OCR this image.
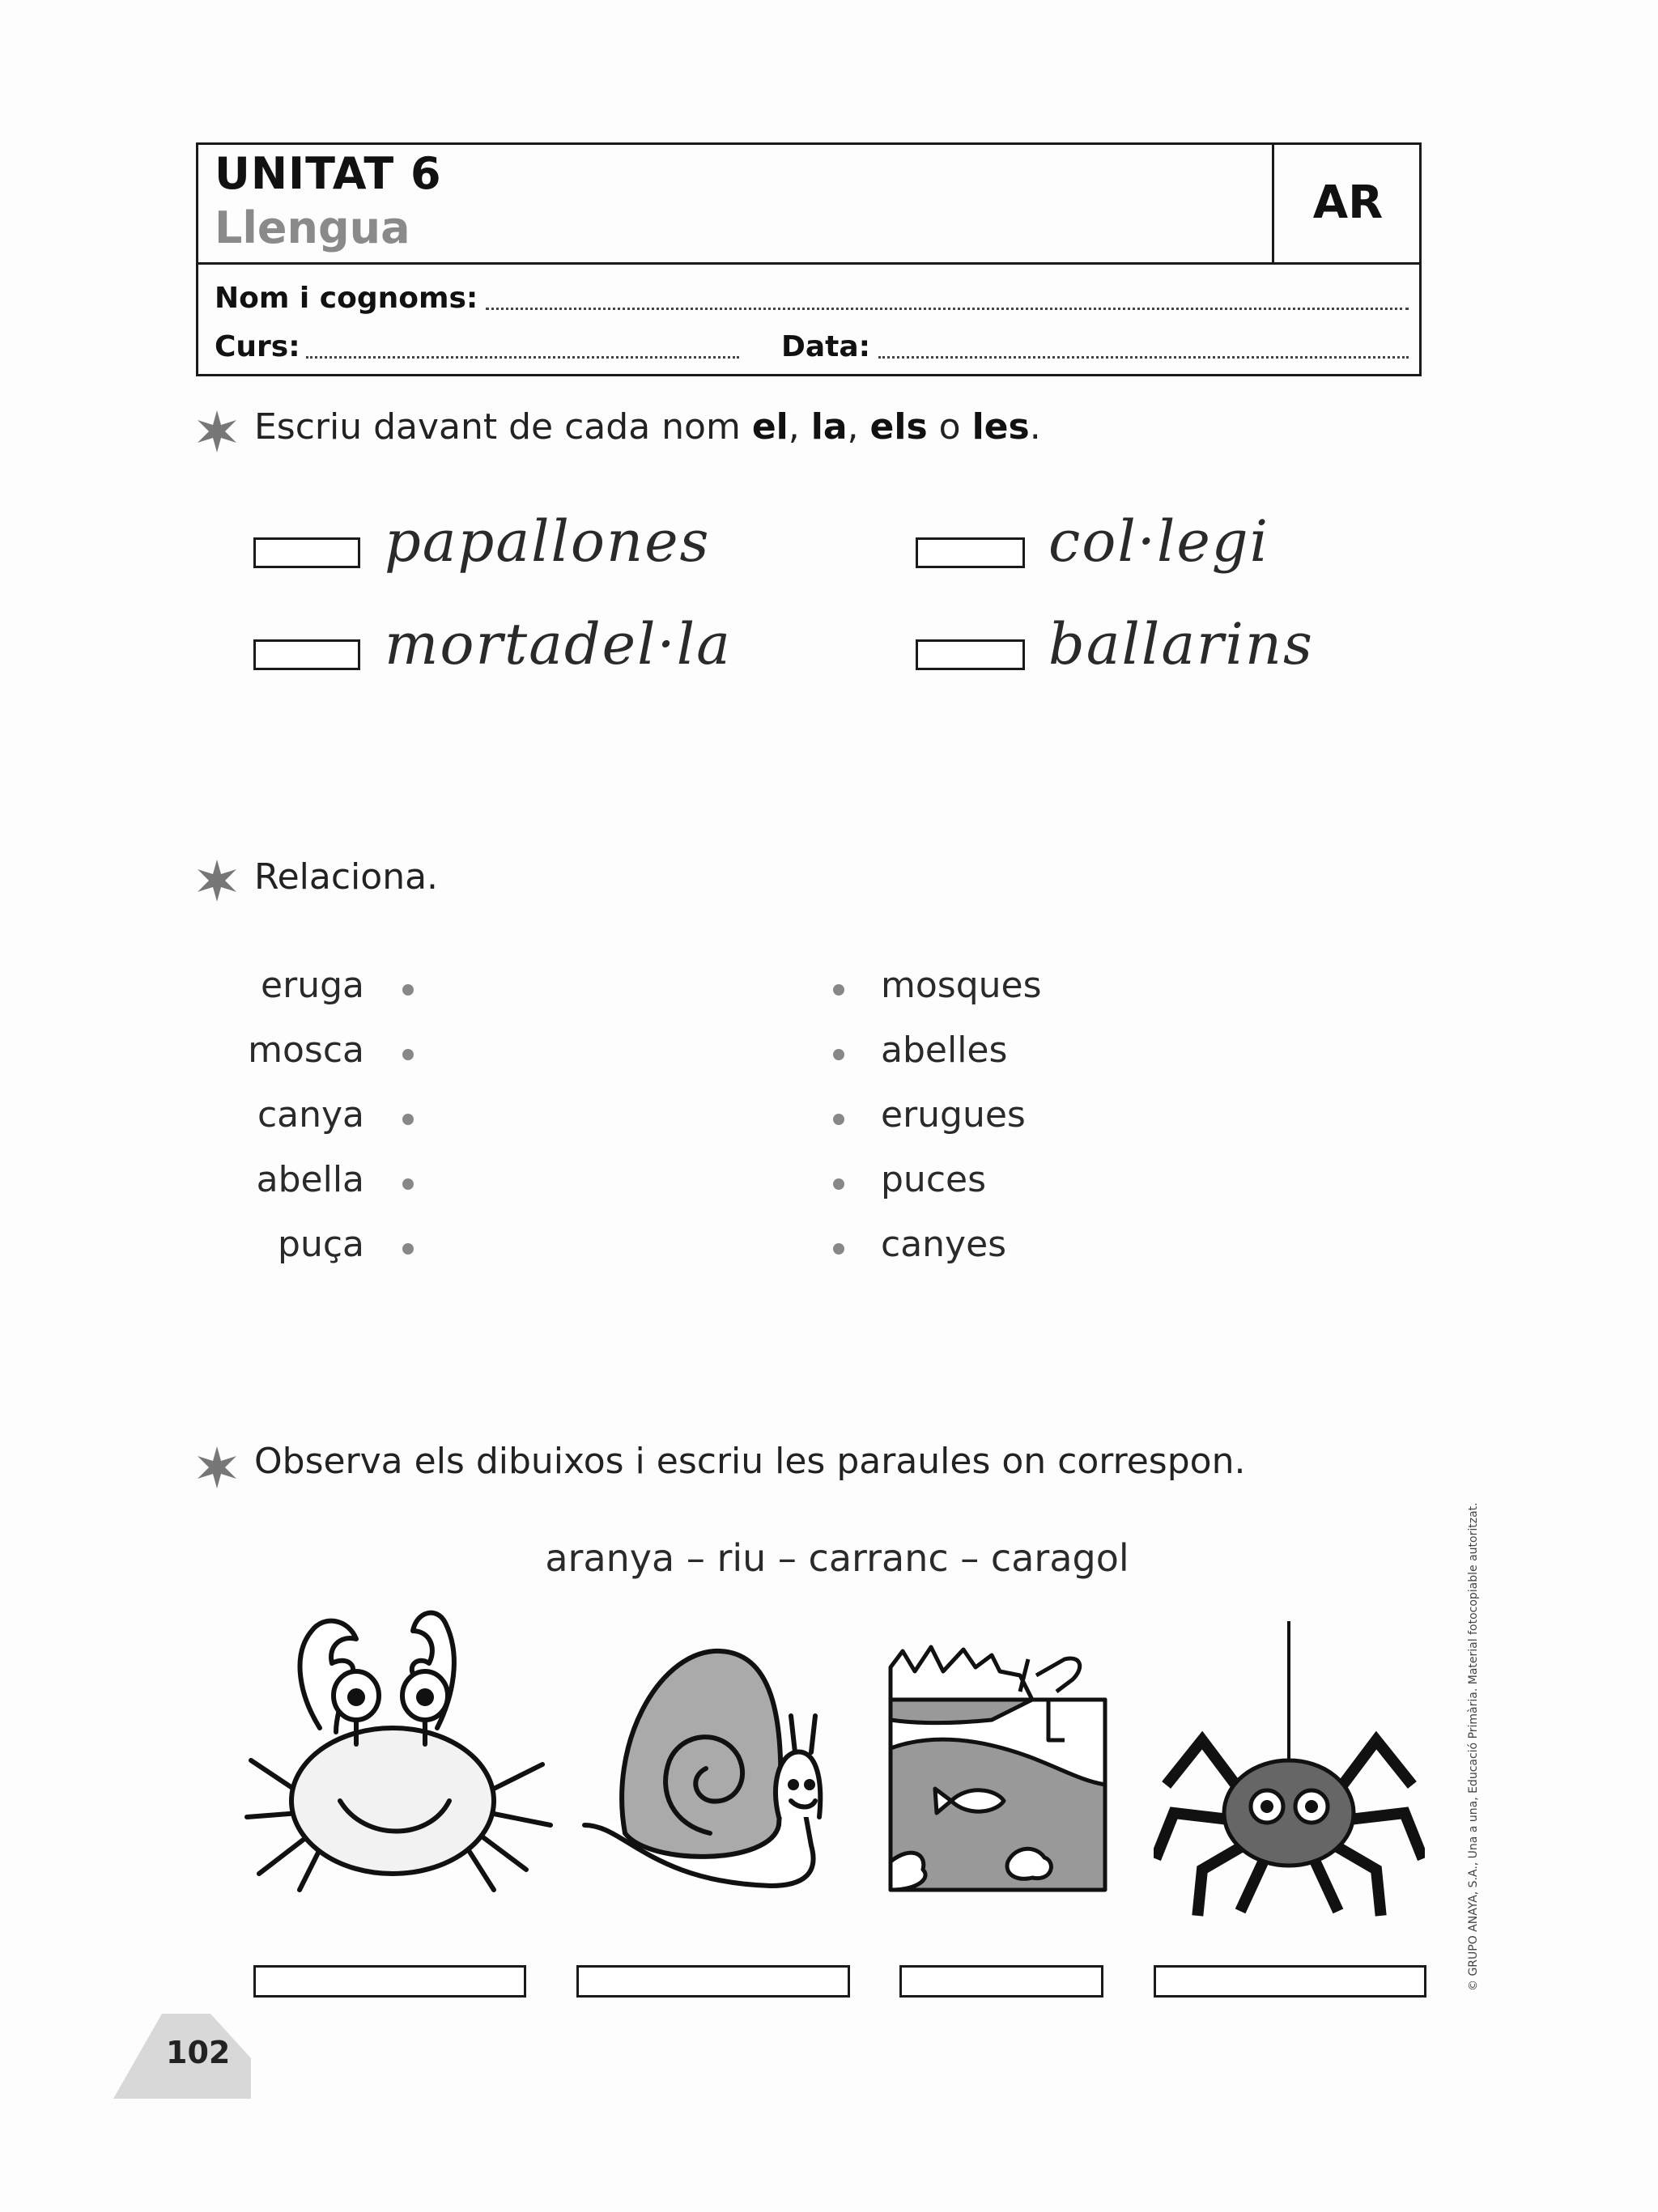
UNITAT 6
Llengua	AR
Nom i cognoms:
Curs:	Data:
Escriu davant de cada nom el, la, els o les.
papallones	col·legi
mortadel·la	ballarins
Relaciona.
eruga
mosca
canya
abella
puça
mosques
abelles
erugues
puces
canyes
Observa els dibuixos i escriu les paraules on correspon.
aranya – riu – carranc – caragol
102
© GRUPO ANAYA, S.A., Una a una, Educació Primària. Material fotocopiable autoritzat.
